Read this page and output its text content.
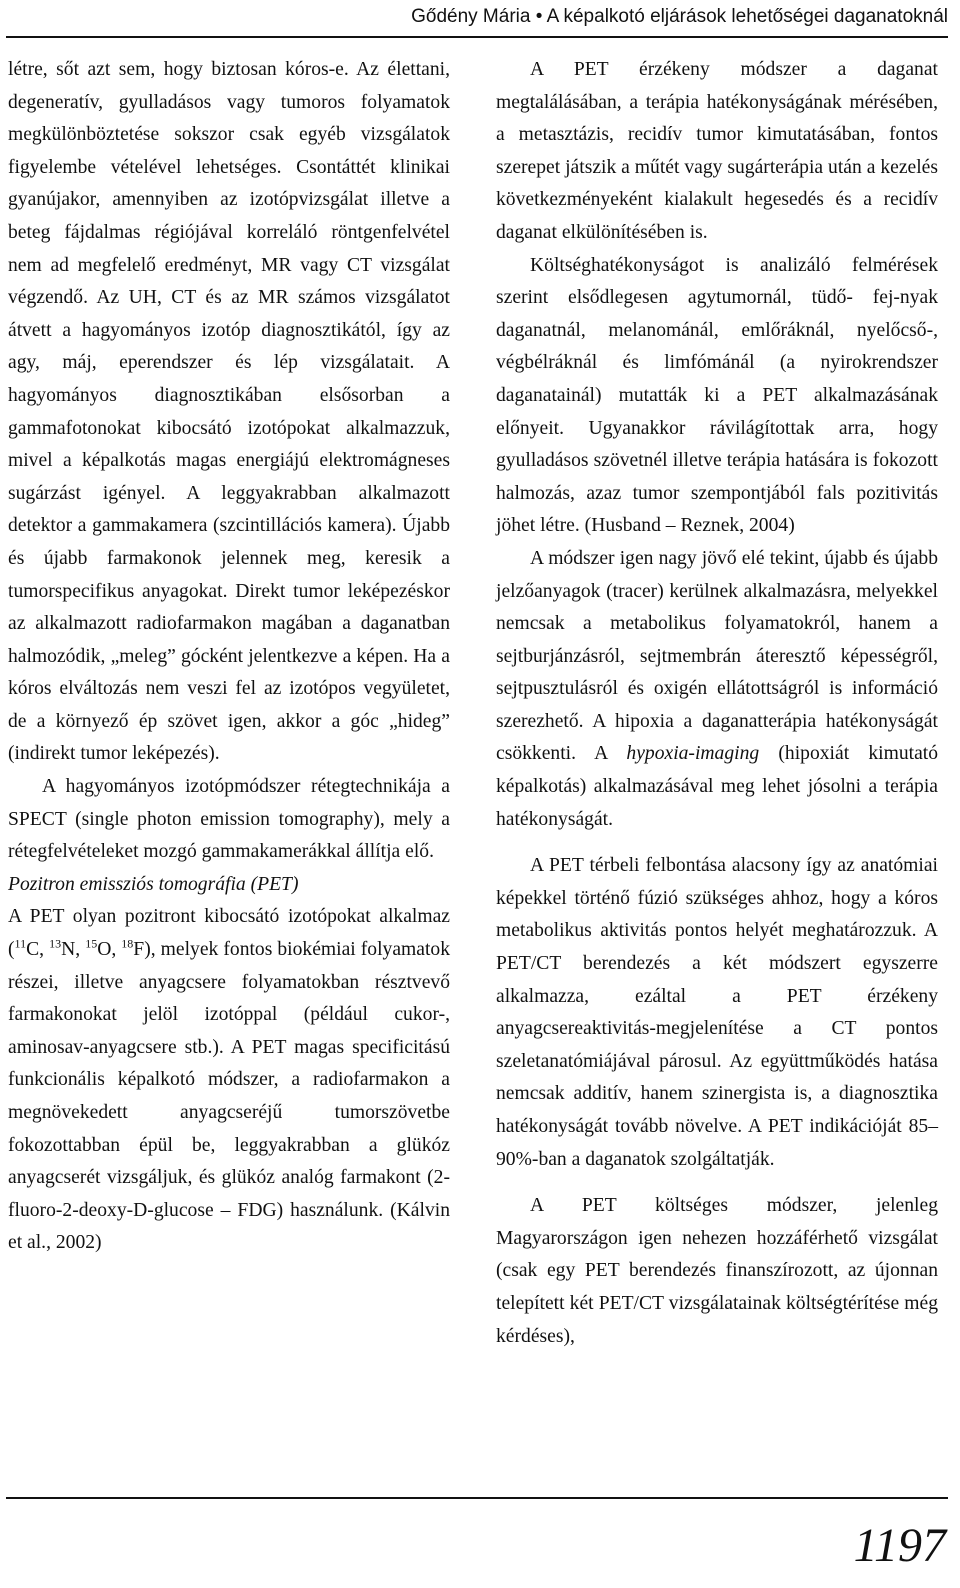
Gődény Mária • A képalkotó eljárások lehetőségei daganatoknál

létre, sőt azt sem, hogy biztosan kóros-e. Az élettani, degeneratív, gyulladásos vagy tumoros folyamatok megkülönböztetése sokszor csak egyéb vizsgálatok figyelembe vételével lehetséges. Csontáttét klinikai gyanújakor, amennyiben az izotópvizsgálat illetve a beteg fájdalmas régiójával korreláló röntgenfelvétel nem ad megfelelő eredményt, MR vagy CT vizsgálat végzendő. Az UH, CT és az MR számos vizsgálatot átvett a hagyományos izotóp diagnosztikától, így az agy, máj, eperendszer és lép vizsgálatait. A hagyományos diagnosztikában elsősorban a gammafotonokat kibocsátó izotópokat alkalmazzuk, mivel a képalkotás magas energiájú elektromágneses sugárzást igényel. A leggyakrabban alkalmazott detektor a gammakamera (szcintillációs kamera). Újabb és újabb farmakonok jelennek meg, keresik a tumorspecifikus anyagokat. Direkt tumor leképezéskor az alkalmazott radiofarmakon magában a daganatban halmozódik, „meleg” gócként jelentkezve a képen. Ha a kóros elváltozás nem veszi fel az izotópos vegyületet, de a környező ép szövet igen, akkor a góc „hideg” (indirekt tumor leképezés).

A hagyományos izotópmódszer rétegtechnikája a SPECT (single photon emission tomography), mely a rétegfelvételeket mozgó gammakamerákkal állítja elő.

Pozitron emissziós tomográfia (PET)

A PET olyan pozitront kibocsátó izotópokat alkalmaz ($^{11}$C, $^{13}$N, $^{15}$O, $^{18}$F), melyek fontos biokémiai folyamatok részei, illetve anyagcsere folyamatokban résztvevő farmakonokat jelöl izotóppal (például cukor-, aminosav-anyagcsere stb.). A PET magas specificitású funkcionális képalkotó módszer, a radiofarmakon a megnövekedett anyagcseréjű tumorszövetbe fokozottabban épül be, leggyakrabban a glükóz anyagcserét vizsgáljuk, és glükóz analóg farmakont (2-fluoro-2-deoxy-D-glucose – FDG) használunk. (Kálvin et al., 2002)

A PET érzékeny módszer a daganat megtalálásában, a terápia hatékonyságának mérésében, a metasztázis, recidív tumor kimutatásában, fontos szerepet játszik a műtét vagy sugárterápia után a kezelés következményeként kialakult hegesedés és a recidív daganat elkülönítésében is.

Költséghatékonyságot is analizáló felmérések szerint elsődlegesen agytumornál, tüdő- fej-nyak daganatnál, melanománál, emlőráknál, nyelőcső-, végbélráknál és limfómánál (a nyirokrendszer daganatainál) mutatták ki a PET alkalmazásának előnyeit. Ugyanakkor rávilágítottak arra, hogy gyulladásos szövetnél illetve terápia hatására is fokozott halmozás, azaz tumor szempontjából fals pozitivitás jöhet létre. (Husband – Reznek, 2004)

A módszer igen nagy jövő elé tekint, újabb és újabb jelzőanyagok (tracer) kerülnek alkalmazásra, melyekkel nemcsak a metabolikus folyamatokról, hanem a sejtburjánzásról, sejtmembrán áteresztő képességről, sejtpusztulásról és oxigén ellátottságról is információ szerezhető. A hipoxia a daganatterápia hatékonyságát csökkenti. A hypoxia-imaging (hipoxiát kimutató képalkotás) alkalmazásával meg lehet jósolni a terápia hatékonyságát.

A PET térbeli felbontása alacsony így az anatómiai képekkel történő fúzió szükséges ahhoz, hogy a kóros metabolikus aktivitás pontos helyét meghatározzuk. A PET/CT berendezés a két módszert egyszerre alkalmazza, ezáltal a PET érzékeny anyagcsereaktivitás-megjelenítése a CT pontos szeletanatómiájával párosul. Az együttműködés hatása nemcsak additív, hanem szinergista is, a diagnosztika hatékonyságát tovább növelve. A PET indikációját 85–90%-ban a daganatok szolgáltatják.

A PET költséges módszer, jelenleg Magyarországon igen nehezen hozzáférhető vizsgálat (csak egy PET berendezés finanszírozott, az újonnan telepített két PET/CT vizsgálatainak költségtérítése még kérdéses),

1197
